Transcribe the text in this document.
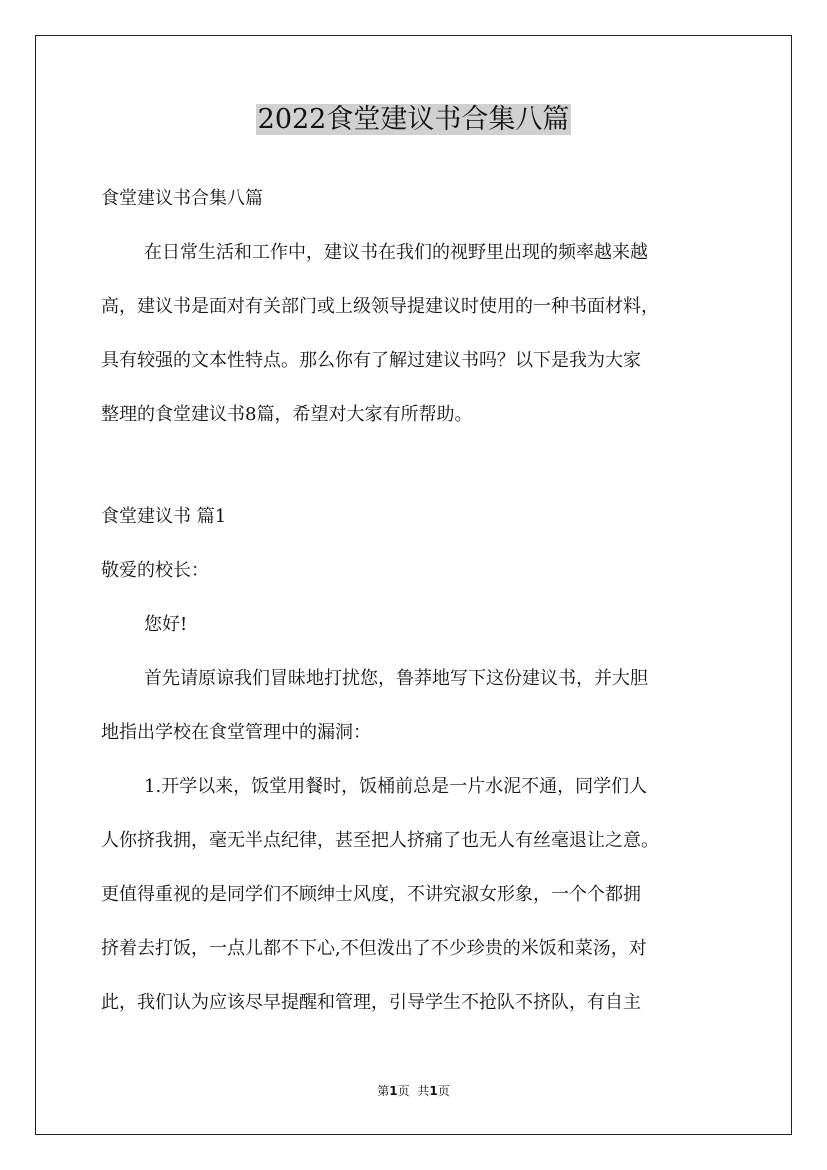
2022食堂建议书合集八篇
食堂建议书合集八篇
在日常生活和工作中，建议书在我们的视野里出现的频率越来越
高，建议书是面对有关部门或上级领导提建议时使用的一种书面材料，
具有较强的文本性特点。那么你有了解过建议书吗？以下是我为大家
整理的食堂建议书8篇，希望对大家有所帮助。
食堂建议书 篇1
敬爱的校长：
您好!
首先请原谅我们冒昧地打扰您，鲁莽地写下这份建议书，并大胆
地指出学校在食堂管理中的漏洞：
1.开学以来，饭堂用餐时，饭桶前总是一片水泥不通，同学们人
人你挤我拥，毫无半点纪律，甚至把人挤痛了也无人有丝毫退让之意。
更值得重视的是同学们不顾绅士风度，不讲究淑女形象，一个个都拥
挤着去打饭，一点儿都不下心,不但泼出了不少珍贵的米饭和菜汤，对
此，我们认为应该尽早提醒和管理，引导学生不抢队不挤队，有自主
第1页 共1页
